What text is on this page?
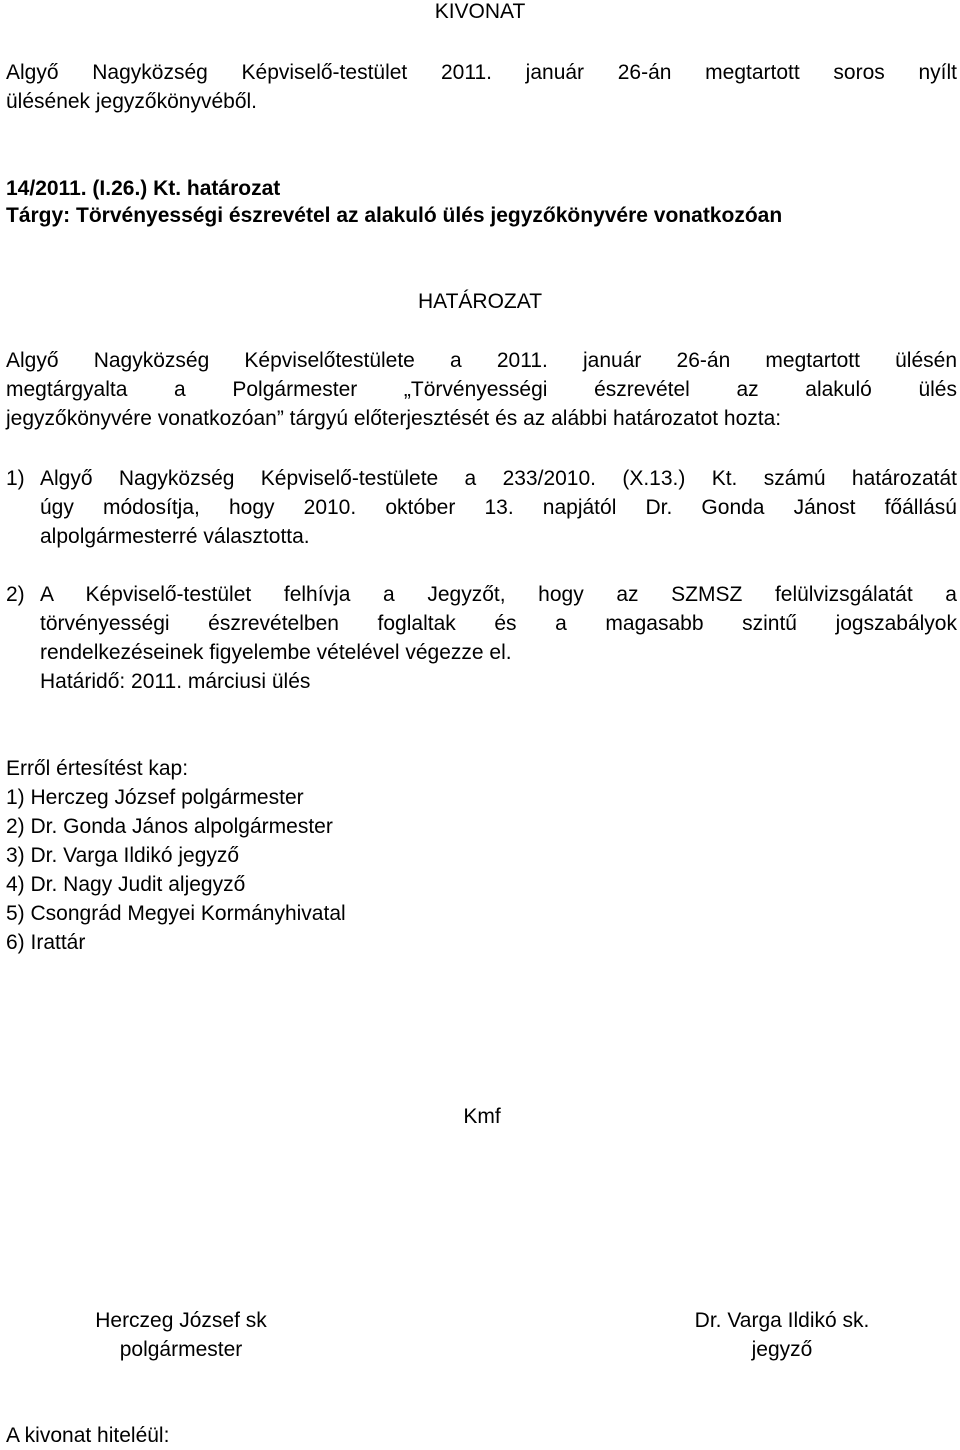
KIVONAT
Algyő Nagyközség Képviselő-testület 2011. január 26-án megtartott soros nyílt
ülésének jegyzőkönyvéből.
14/2011. (I.26.) Kt. határozat
Tárgy: Törvényességi észrevétel az alakuló ülés jegyzőkönyvére vonatkozóan
HATÁROZAT
Algyő Nagyközség Képviselőtestülete a 2011. január 26-án megtartott ülésén
megtárgyalta a Polgármester „Törvényességi észrevétel az alakuló ülés
jegyzőkönyvére vonatkozóan” tárgyú előterjesztését és az alábbi határozatot hozta:
1) Algyő Nagyközség Képviselő-testülete a 233/2010. (X.13.) Kt. számú határozatát
úgy módosítja, hogy 2010. október 13. napjától Dr. Gonda Jánost főállású
alpolgármesterré választotta.
2) A Képviselő-testület felhívja a Jegyzőt, hogy az SZMSZ felülvizsgálatát a
törvényességi észrevételben foglaltak és a magasabb szintű jogszabályok
rendelkezéseinek figyelembe vételével végezze el.
Határidő: 2011. márciusi ülés
Erről értesítést kap:
1) Herczeg József polgármester
2) Dr. Gonda János alpolgármester
3) Dr. Varga Ildikó jegyző
4) Dr. Nagy Judit aljegyző
5) Csongrád Megyei Kormányhivatal
6) Irattár
Kmf
Herczeg József sk
polgármester
Dr. Varga Ildikó sk.
jegyző
A kivonat hiteléül:
